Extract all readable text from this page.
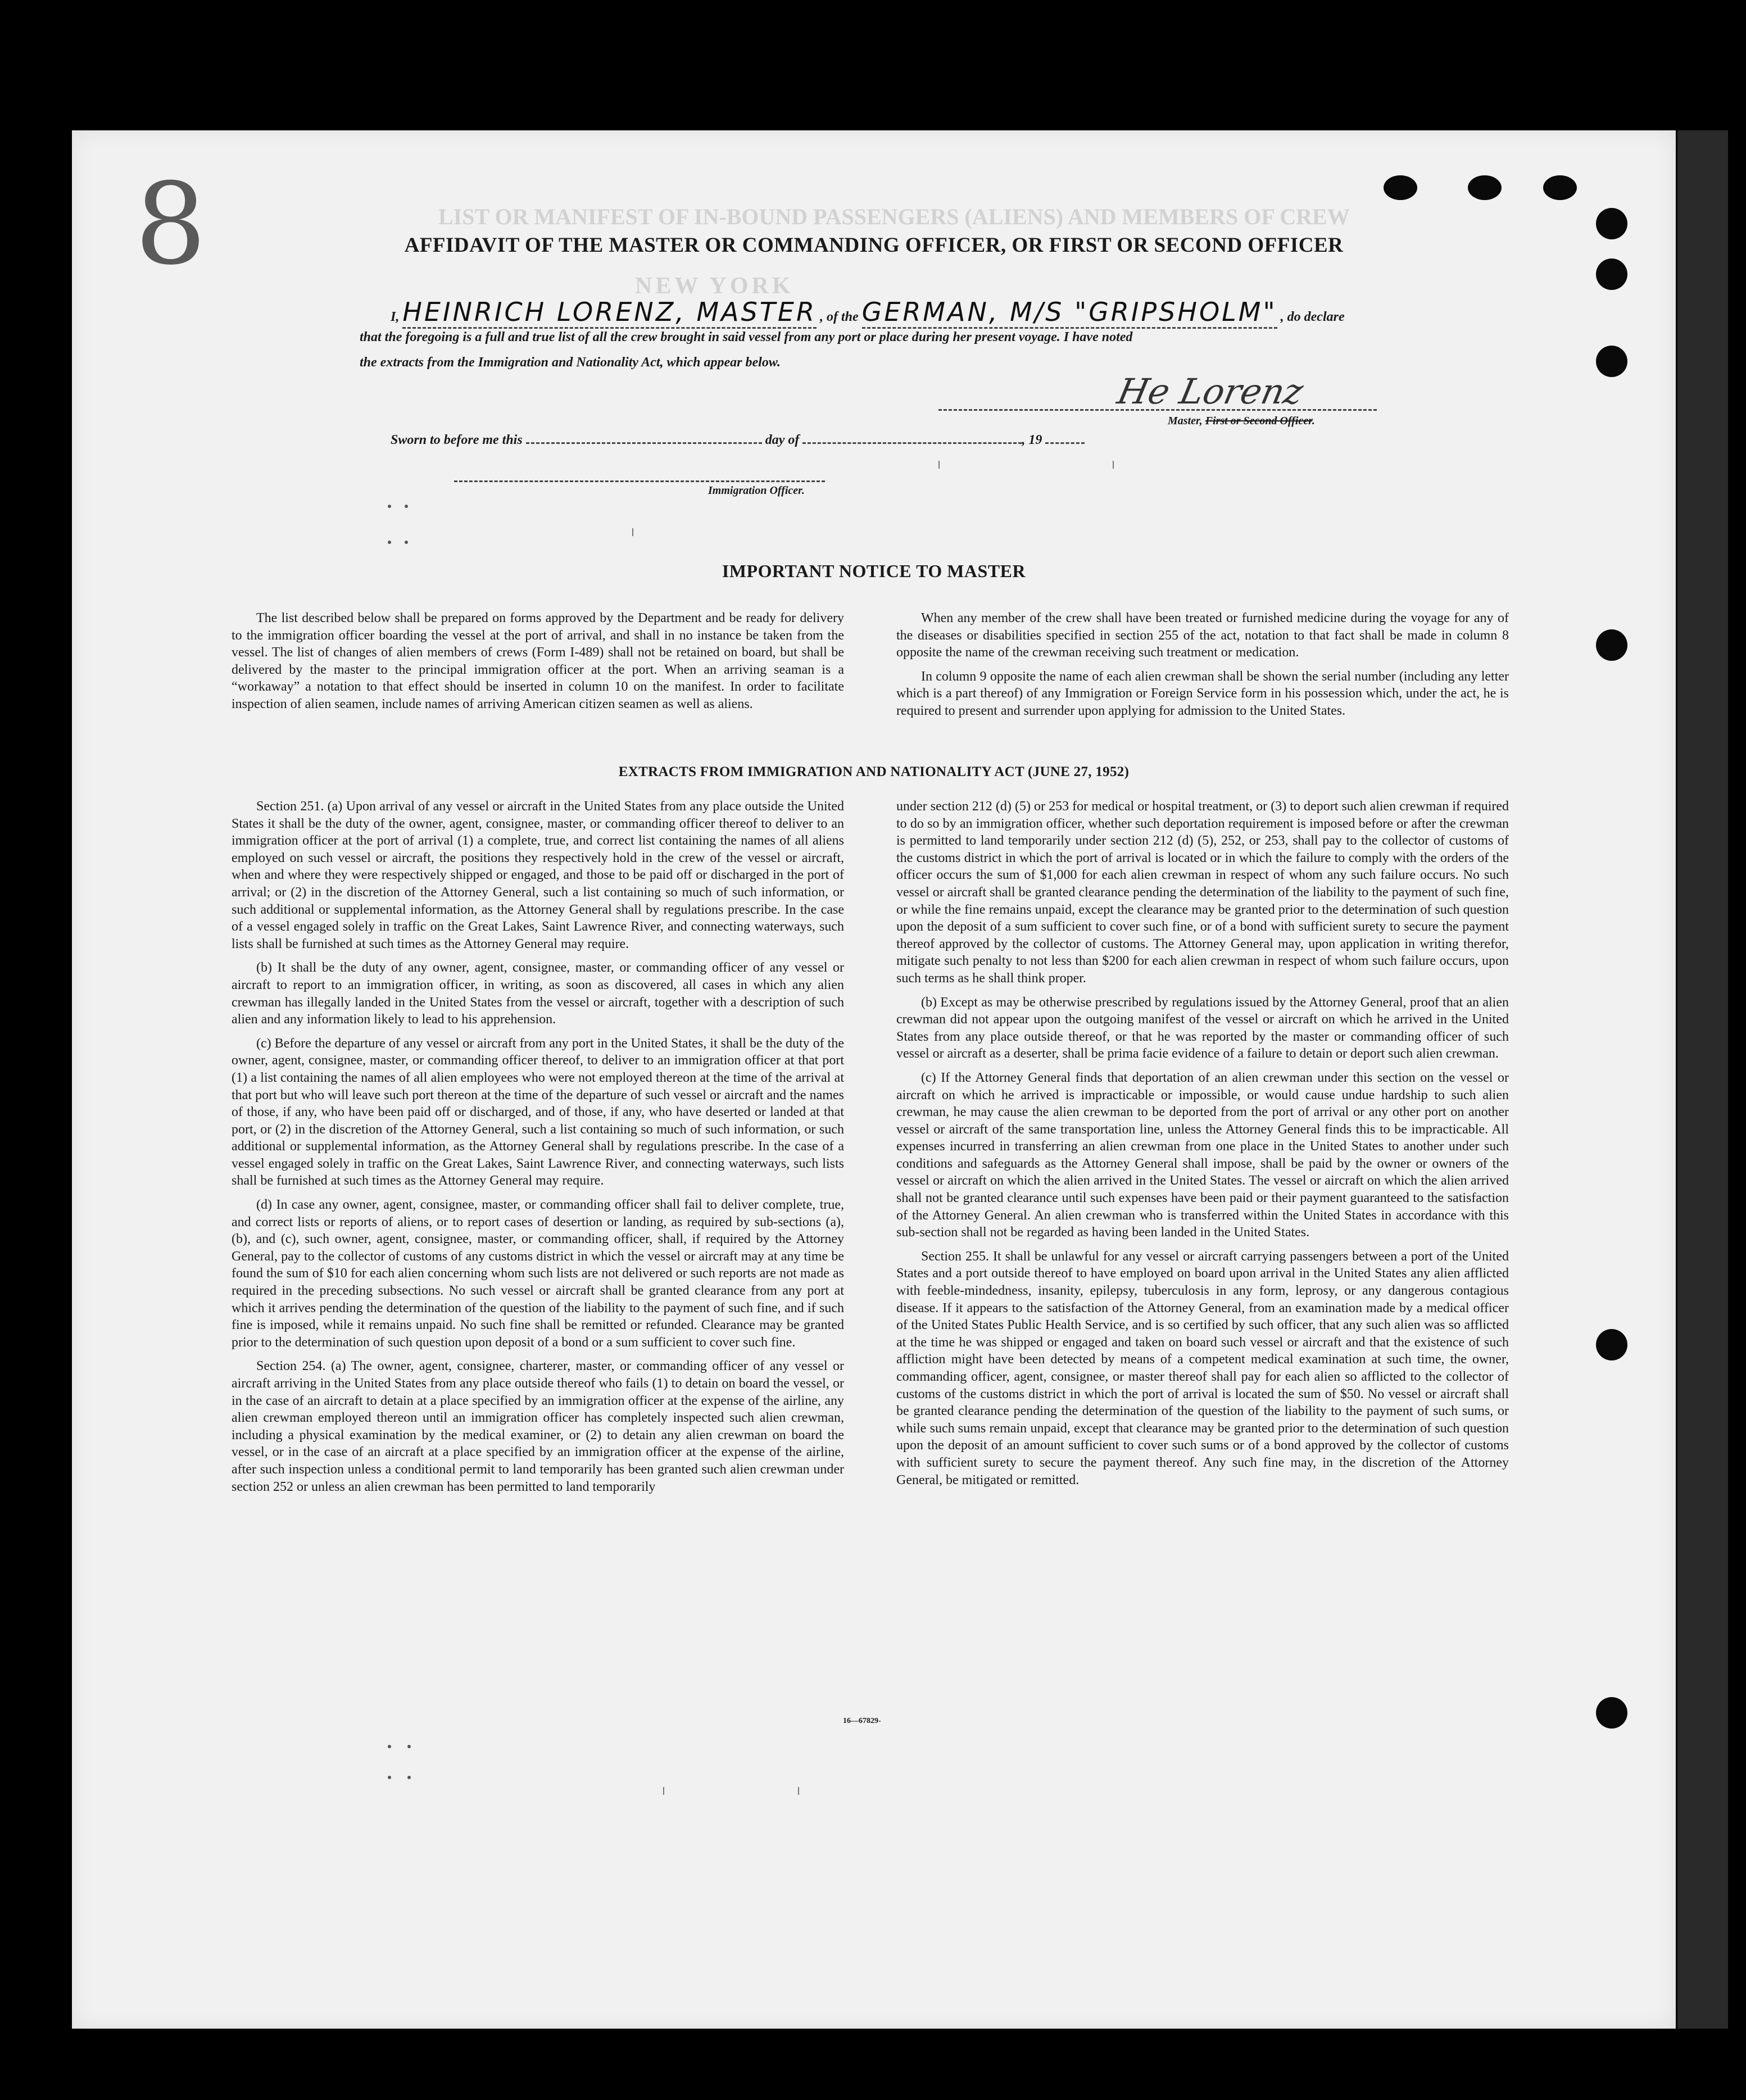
8	LIST OR MANIFEST OF IN-BOUND PASSENGERS (ALIENS) AND MEMBERS OF CREW
NEW YORK
AFFIDAVIT OF THE MASTER OR COMMANDING OFFICER, OR FIRST OR SECOND OFFICER
I, HEINRICH LORENZ, MASTER , of the GERMAN, M/S "GRIPSHOLM" , do declare
that the foregoing is a full and true list of all the crew brought in said vessel from any port or place during her present voyage. I have noted
the extracts from the Immigration and Nationality Act, which appear below.
He Lorenz
Master, First or Second Officer.
Sworn to before me this	day of	, 19
Immigration Officer.
IMPORTANT NOTICE TO MASTER

The list described below shall be prepared on forms approved by the Department and be ready for delivery to the immigration officer boarding the vessel at the port of arrival, and shall in no instance be taken from the vessel. The list of changes of alien members of crews (Form I-489) shall not be retained on board, but shall be delivered by the master to the principal immigration officer at the port. When an arriving seaman is a “workaway” a notation to that effect should be inserted in column 10 on the manifest. In order to facilitate inspection of alien seamen, include names of arriving American citizen seamen as well as aliens.

When any member of the crew shall have been treated or furnished medicine during the voyage for any of the diseases or disabilities specified in section 255 of the act, notation to that fact shall be made in column 8 opposite the name of the crewman receiving such treatment or medication.

In column 9 opposite the name of each alien crewman shall be shown the serial number (including any letter which is a part thereof) of any Immigration or Foreign Service form in his possession which, under the act, he is required to present and surrender upon applying for admission to the United States.

EXTRACTS FROM IMMIGRATION AND NATIONALITY ACT (JUNE 27, 1952)

Section 251. (a) Upon arrival of any vessel or aircraft in the United States from any place outside the United States it shall be the duty of the owner, agent, consignee, master, or commanding officer thereof to deliver to an immigration officer at the port of arrival (1) a complete, true, and correct list containing the names of all aliens employed on such vessel or aircraft, the positions they respectively hold in the crew of the vessel or aircraft, when and where they were respectively shipped or engaged, and those to be paid off or discharged in the port of arrival; or (2) in the discretion of the Attorney General, such a list containing so much of such information, or such additional or supplemental information, as the Attorney General shall by regulations prescribe. In the case of a vessel engaged solely in traffic on the Great Lakes, Saint Lawrence River, and connecting waterways, such lists shall be furnished at such times as the Attorney General may require.

(b) It shall be the duty of any owner, agent, consignee, master, or commanding officer of any vessel or aircraft to report to an immigration officer, in writing, as soon as discovered, all cases in which any alien crewman has illegally landed in the United States from the vessel or aircraft, together with a description of such alien and any information likely to lead to his apprehension.

(c) Before the departure of any vessel or aircraft from any port in the United States, it shall be the duty of the owner, agent, consignee, master, or commanding officer thereof, to deliver to an immigration officer at that port (1) a list containing the names of all alien employees who were not employed thereon at the time of the arrival at that port but who will leave such port thereon at the time of the departure of such vessel or aircraft and the names of those, if any, who have been paid off or discharged, and of those, if any, who have deserted or landed at that port, or (2) in the discretion of the Attorney General, such a list containing so much of such information, or such additional or supplemental information, as the Attorney General shall by regulations prescribe. In the case of a vessel engaged solely in traffic on the Great Lakes, Saint Lawrence River, and connecting waterways, such lists shall be furnished at such times as the Attorney General may require.

(d) In case any owner, agent, consignee, master, or commanding officer shall fail to deliver complete, true, and correct lists or reports of aliens, or to report cases of desertion or landing, as required by sub-sections (a), (b), and (c), such owner, agent, consignee, master, or commanding officer, shall, if required by the Attorney General, pay to the collector of customs of any customs district in which the vessel or aircraft may at any time be found the sum of $10 for each alien concerning whom such lists are not delivered or such reports are not made as required in the preceding subsections. No such vessel or aircraft shall be granted clearance from any port at which it arrives pending the determination of the question of the liability to the payment of such fine, and if such fine is imposed, while it remains unpaid. No such fine shall be remitted or refunded. Clearance may be granted prior to the determination of such question upon deposit of a bond or a sum sufficient to cover such fine.

Section 254. (a) The owner, agent, consignee, charterer, master, or commanding officer of any vessel or aircraft arriving in the United States from any place outside thereof who fails (1) to detain on board the vessel, or in the case of an aircraft to detain at a place specified by an immigration officer at the expense of the airline, any alien crewman employed thereon until an immigration officer has completely inspected such alien crewman, including a physical examination by the medical examiner, or (2) to detain any alien crewman on board the vessel, or in the case of an aircraft at a place specified by an immigration officer at the expense of the airline, after such inspection unless a conditional permit to land temporarily has been granted such alien crewman under section 252 or unless an alien crewman has been permitted to land temporarily

under section 212 (d) (5) or 253 for medical or hospital treatment, or (3) to deport such alien crewman if required to do so by an immigration officer, whether such deportation requirement is imposed before or after the crewman is permitted to land temporarily under section 212 (d) (5), 252, or 253, shall pay to the collector of customs of the customs district in which the port of arrival is located or in which the failure to comply with the orders of the officer occurs the sum of $1,000 for each alien crewman in respect of whom any such failure occurs. No such vessel or aircraft shall be granted clearance pending the determination of the liability to the payment of such fine, or while the fine remains unpaid, except the clearance may be granted prior to the determination of such question upon the deposit of a sum sufficient to cover such fine, or of a bond with sufficient surety to secure the payment thereof approved by the collector of customs. The Attorney General may, upon application in writing therefor, mitigate such penalty to not less than $200 for each alien crewman in respect of whom such failure occurs, upon such terms as he shall think proper.

(b) Except as may be otherwise prescribed by regulations issued by the Attorney General, proof that an alien crewman did not appear upon the outgoing manifest of the vessel or aircraft on which he arrived in the United States from any place outside thereof, or that he was reported by the master or commanding officer of such vessel or aircraft as a deserter, shall be prima facie evidence of a failure to detain or deport such alien crewman.

(c) If the Attorney General finds that deportation of an alien crewman under this section on the vessel or aircraft on which he arrived is impracticable or impossible, or would cause undue hardship to such alien crewman, he may cause the alien crewman to be deported from the port of arrival or any other port on another vessel or aircraft of the same transportation line, unless the Attorney General finds this to be impracticable. All expenses incurred in transferring an alien crewman from one place in the United States to another under such conditions and safeguards as the Attorney General shall impose, shall be paid by the owner or owners of the vessel or aircraft on which the alien arrived in the United States. The vessel or aircraft on which the alien arrived shall not be granted clearance until such expenses have been paid or their payment guaranteed to the satisfaction of the Attorney General. An alien crewman who is transferred within the United States in accordance with this sub-section shall not be regarded as having been landed in the United States.

Section 255. It shall be unlawful for any vessel or aircraft carrying passengers between a port of the United States and a port outside thereof to have employed on board upon arrival in the United States any alien afflicted with feeble-mindedness, insanity, epilepsy, tuberculosis in any form, leprosy, or any dangerous contagious disease. If it appears to the satisfaction of the Attorney General, from an examination made by a medical officer of the United States Public Health Service, and is so certified by such officer, that any such alien was so afflicted at the time he was shipped or engaged and taken on board such vessel or aircraft and that the existence of such affliction might have been detected by means of a competent medical examination at such time, the owner, commanding officer, agent, consignee, or master thereof shall pay for each alien so afflicted to the collector of customs of the customs district in which the port of arrival is located the sum of $50. No vessel or aircraft shall be granted clearance pending the determination of the question of the liability to the payment of such sums, or while such sums remain unpaid, except that clearance may be granted prior to the determination of such question upon the deposit of an amount sufficient to cover such sums or of a bond approved by the collector of customs with sufficient surety to secure the payment thereof. Any such fine may, in the discretion of the Attorney General, be mitigated or remitted.

16—67829-
